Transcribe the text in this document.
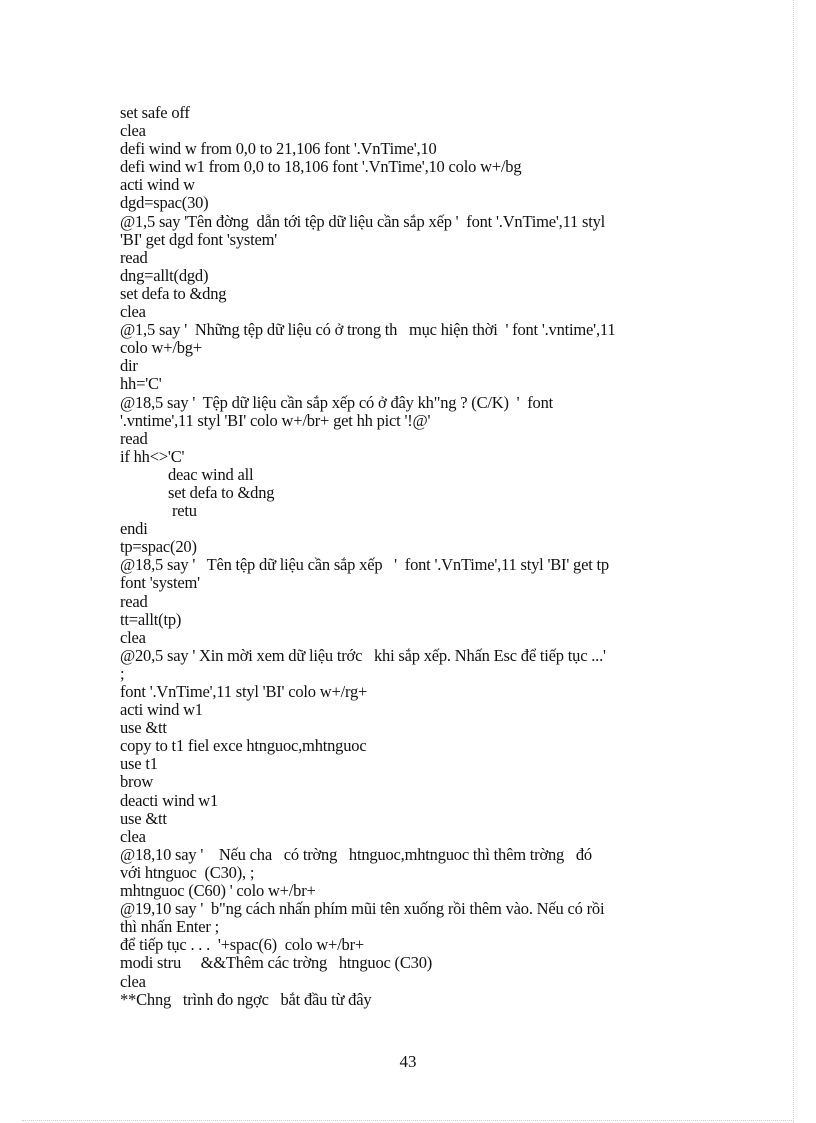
set safe off
clea
defi wind w from 0,0 to 21,106 font '.VnTime',10
defi wind w1 from 0,0 to 18,106 font '.VnTime',10 colo w+/bg
acti wind w
dgd=spac(30)
@1,5 say 'Tên đờng  dẫn tới tệp dữ liệu cần sắp xếp '  font '.VnTime',11 styl
'BI' get dgd font 'system'
read
dng=allt(dgd)
set defa to &dng
clea
@1,5 say '  Những tệp dữ liệu có ở trong th   mục hiện thời  ' font '.vntime',11
colo w+/bg+
dir
hh='C'
@18,5 say '  Tệp dữ liệu cần sắp xếp có ở đây kh"ng ? (C/K)  '  font
'.vntime',11 styl 'BI' colo w+/br+ get hh pict '!@'
read
if hh<>'C'
deac wind all
set defa to &dng
retu
endi
tp=spac(20)
@18,5 say '   Tên tệp dữ liệu cần sắp xếp   '  font '.VnTime',11 styl 'BI' get tp
font 'system'
read
tt=allt(tp)
clea
@20,5 say ' Xin mời xem dữ liệu trớc   khi sắp xếp. Nhấn Esc để tiếp tục ...'
;
font '.VnTime',11 styl 'BI' colo w+/rg+
acti wind w1
use &tt
copy to t1 fiel exce htnguoc,mhtnguoc
use t1
brow
deacti wind w1
use &tt
clea
@18,10 say '    Nếu cha   có trờng   htnguoc,mhtnguoc thì thêm trờng   đó
với htnguoc  (C30), ;
mhtnguoc (C60) ' colo w+/br+
@19,10 say '  b"ng cách nhấn phím mũi tên xuống rồi thêm vào. Nếu có rồi
thì nhấn Enter ;
để tiếp tục . . .  '+spac(6)  colo w+/br+
modi stru     &&Thêm các trờng   htnguoc (C30)
clea
**Chng   trình đo ngợc   bắt đầu từ đây
43
